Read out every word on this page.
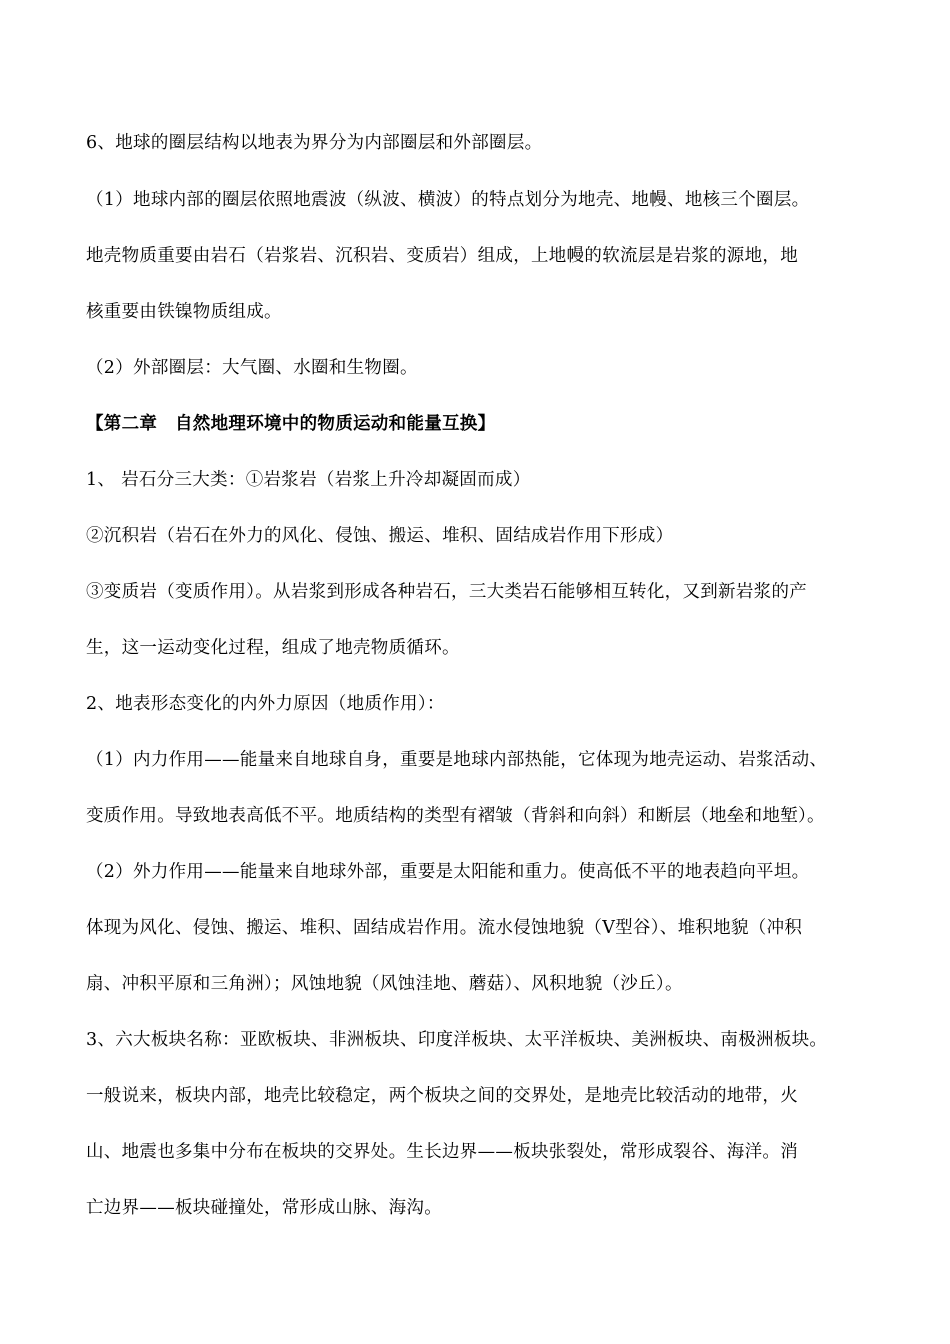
6、地球的圈层结构以地表为界分为内部圈层和外部圈层。
（1）地球内部的圈层依照地震波（纵波、横波）的特点划分为地壳、地幔、地核三个圈层。
地壳物质重要由岩石（岩浆岩、沉积岩、变质岩）组成，上地幔的软流层是岩浆的源地，地
核重要由铁镍物质组成。
（2）外部圈层：大气圈、水圈和生物圈。
【第二章　自然地理环境中的物质运动和能量互换】
1、 岩石分三大类：①岩浆岩（岩浆上升冷却凝固而成）
②沉积岩（岩石在外力的风化、侵蚀、搬运、堆积、固结成岩作用下形成）
③变质岩（变质作用）。从岩浆到形成各种岩石，三大类岩石能够相互转化，又到新岩浆的产
生，这一运动变化过程，组成了地壳物质循环。
2、地表形态变化的内外力原因（地质作用）：
（1）内力作用——能量来自地球自身，重要是地球内部热能，它体现为地壳运动、岩浆活动、
变质作用。导致地表高低不平。地质结构的类型有褶皱（背斜和向斜）和断层（地垒和地堑）。
（2）外力作用——能量来自地球外部，重要是太阳能和重力。使高低不平的地表趋向平坦。
体现为风化、侵蚀、搬运、堆积、固结成岩作用。流水侵蚀地貌（V型谷）、堆积地貌（冲积
扇、冲积平原和三角洲）；风蚀地貌（风蚀洼地、蘑菇）、风积地貌（沙丘）。
3、六大板块名称：亚欧板块、非洲板块、印度洋板块、太平洋板块、美洲板块、南极洲板块。
一般说来，板块内部，地壳比较稳定，两个板块之间的交界处，是地壳比较活动的地带，火
山、地震也多集中分布在板块的交界处。生长边界——板块张裂处，常形成裂谷、海洋。消
亡边界——板块碰撞处，常形成山脉、海沟。
